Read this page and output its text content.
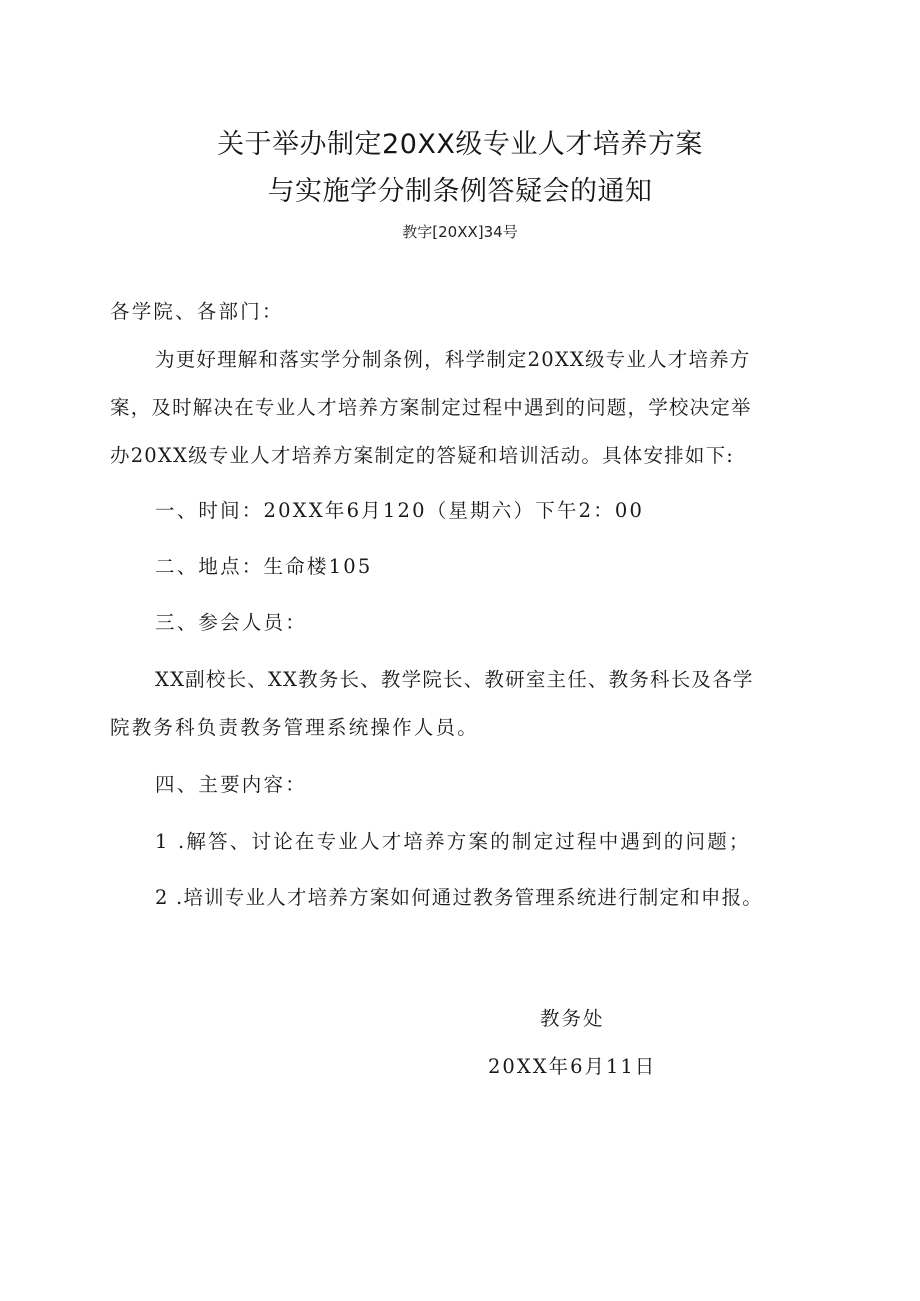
关于举办制定20XX级专业人才培养方案
与实施学分制条例答疑会的通知
教字[20XX]34号
各学院、各部门：
为更好理解和落实学分制条例，科学制定20XX级专业人才培养方
案，及时解决在专业人才培养方案制定过程中遇到的问题，学校决定举
办20XX级专业人才培养方案制定的答疑和培训活动。具体安排如下:
一、时间：20XX年6月120（星期六）下午2：00
二、地点：生命楼105
三、参会人员：
XX副校长、XX教务长、教学院长、教研室主任、教务科长及各学
院教务科负责教务管理系统操作人员。
四、主要内容：
1 .解答、讨论在专业人才培养方案的制定过程中遇到的问题；
2 .培训专业人才培养方案如何通过教务管理系统进行制定和申报。
教务处
20XX年6月11日
